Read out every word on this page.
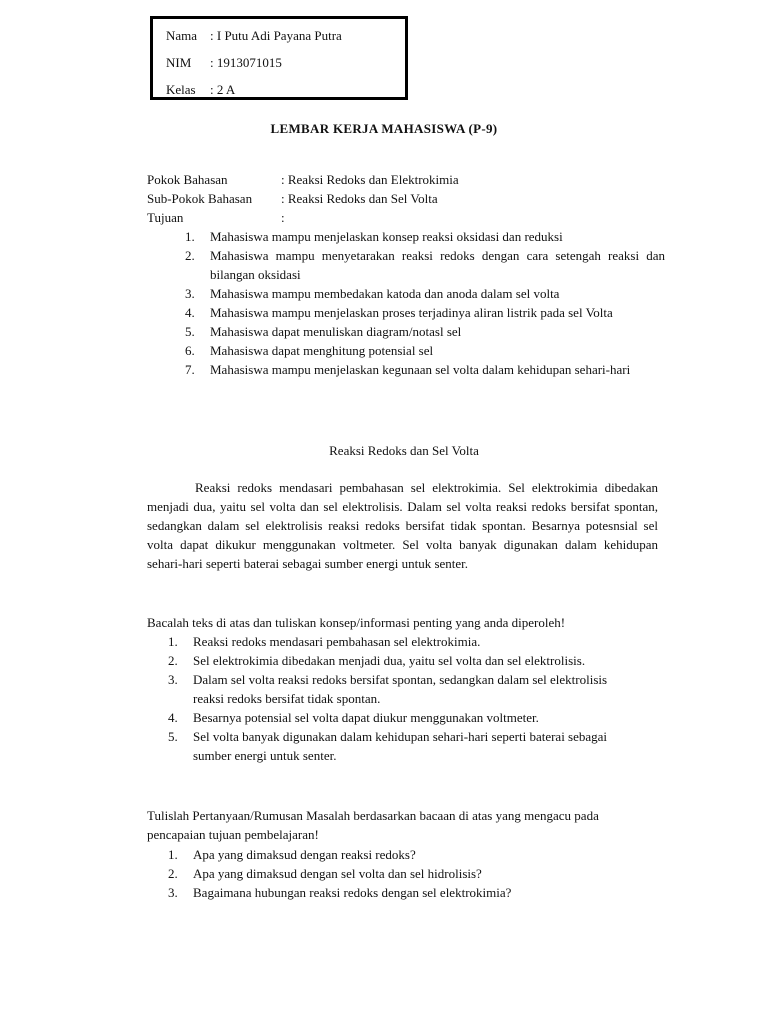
Nama : I Putu Adi Payana Putra
NIM : 1913071015
Kelas : 2 A
LEMBAR KERJA MAHASISWA (P-9)
Pokok Bahasan	: Reaksi Redoks dan Elektrokimia
Sub-Pokok Bahasan : Reaksi Redoks dan Sel Volta
Tujuan	:
1. Mahasiswa mampu menjelaskan konsep reaksi oksidasi dan reduksi
2. Mahasiswa mampu menyetarakan reaksi redoks dengan cara setengah reaksi dan bilangan oksidasi
3. Mahasiswa mampu membedakan katoda dan anoda dalam sel volta
4. Mahasiswa mampu menjelaskan proses terjadinya aliran listrik pada sel Volta
5. Mahasiswa dapat menuliskan diagram/notasl sel
6. Mahasiswa dapat menghitung potensial sel
7. Mahasiswa mampu menjelaskan kegunaan sel volta dalam kehidupan sehari-hari
Reaksi Redoks dan Sel Volta

Reaksi redoks mendasari pembahasan sel elektrokimia. Sel elektrokimia dibedakan menjadi dua, yaitu sel volta dan sel elektrolisis. Dalam sel volta reaksi redoks bersifat spontan, sedangkan dalam sel elektrolisis reaksi redoks bersifat tidak spontan. Besarnya potesnsial sel volta dapat dikukur menggunakan voltmeter. Sel volta banyak digunakan dalam kehidupan sehari-hari seperti baterai sebagai sumber energi untuk senter.

Bacalah teks di atas dan tuliskan konsep/informasi penting yang anda diperoleh!

1. Reaksi redoks mendasari pembahasan sel elektrokimia.
2. Sel elektrokimia dibedakan menjadi dua, yaitu sel volta dan sel elektrolisis.
3. Dalam sel volta reaksi redoks bersifat spontan, sedangkan dalam sel elektrolisis reaksi redoks bersifat tidak spontan.
4. Besarnya potensial sel volta dapat diukur menggunakan voltmeter.
5. Sel volta banyak digunakan dalam kehidupan sehari-hari seperti baterai sebagai sumber energi untuk senter.

Tulislah Pertanyaan/Rumusan Masalah berdasarkan bacaan di atas yang mengacu pada pencapaian tujuan pembelajaran!

1. Apa yang dimaksud dengan reaksi redoks?
2. Apa yang dimaksud dengan sel volta dan sel hidrolisis?
3. Bagaimana hubungan reaksi redoks dengan sel elektrokimia?
